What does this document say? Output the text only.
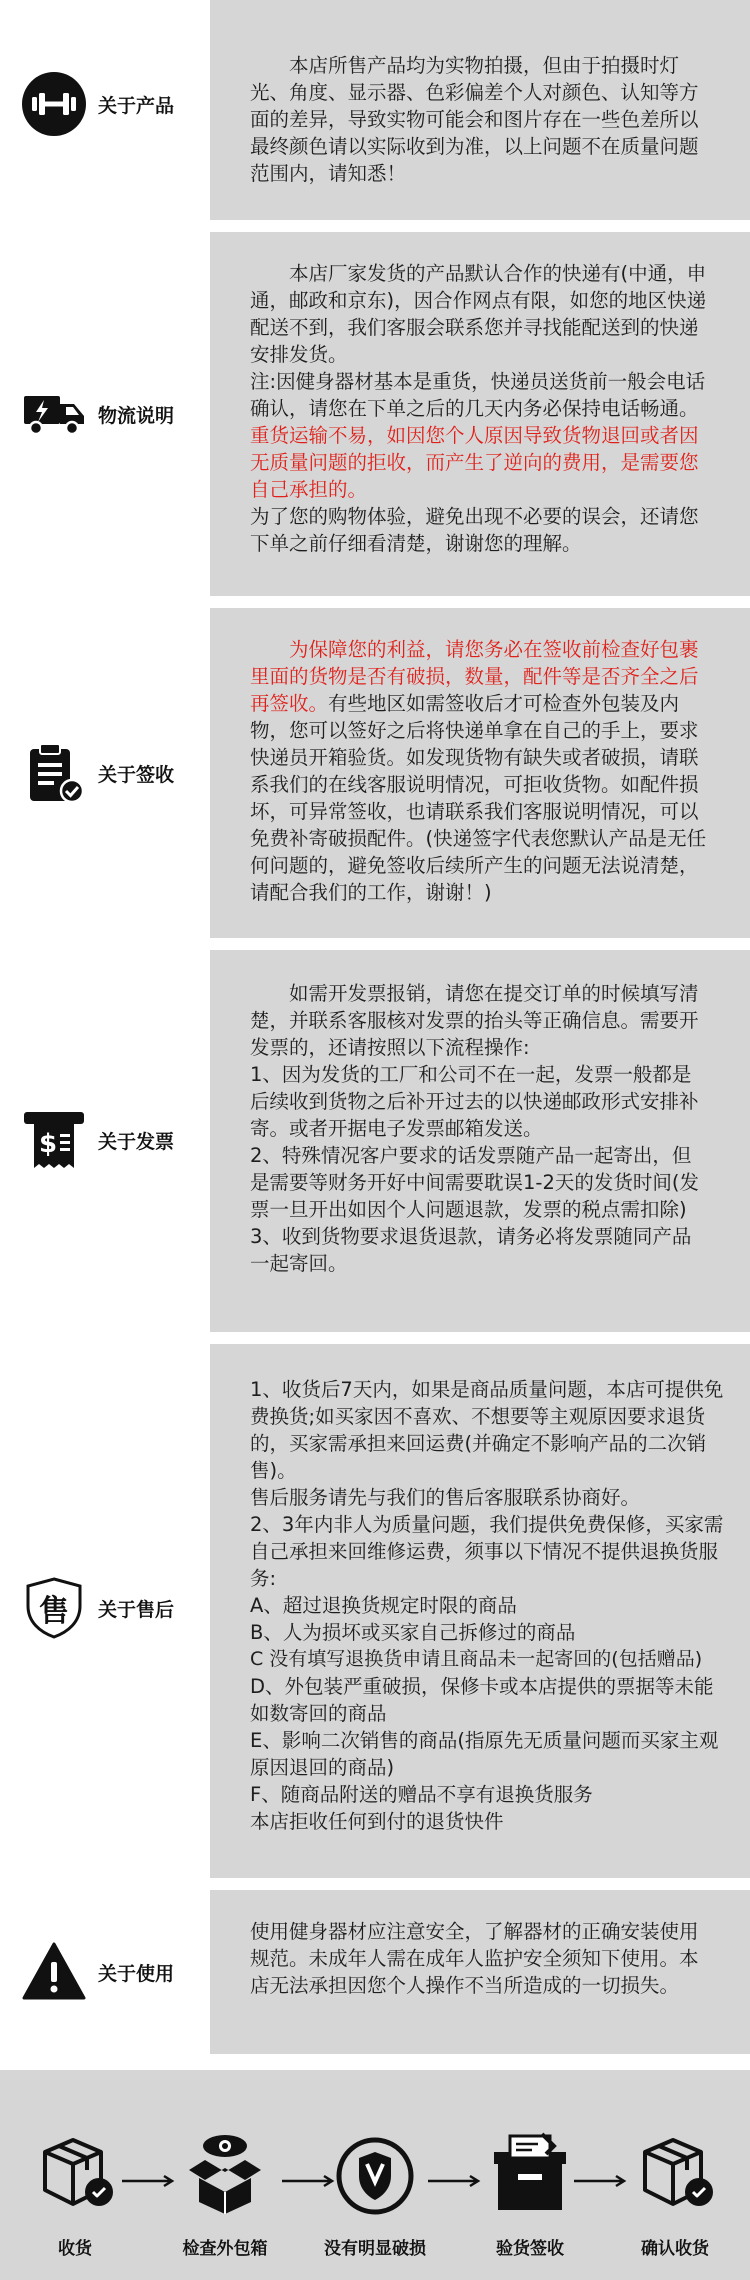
关于产品

本店所售产品均为实物拍摄，但由于拍摄时灯光、角度、显示器、色彩偏差个人对颜色、认知等方面的差异，导致实物可能会和图片存在一些色差所以最终颜色请以实际收到为准，以上问题不在质量问题范围内，请知悉！

物流说明

本店厂家发货的产品默认合作的快递有(中通，申通，邮政和京东)，因合作网点有限，如您的地区快递配送不到，我们客服会联系您并寻找能配送到的快递安排发货。

注:因健身器材基本是重货，快递员送货前一般会电话确认，请您在下单之后的几天内务必保持电话畅通。重货运输不易，如因您个人原因导致货物退回或者因无质量问题的拒收，而产生了逆向的费用，是需要您自己承担的。

为了您的购物体验，避免出现不必要的误会，还请您下单之前仔细看清楚，谢谢您的理解。

关于签收

为保障您的利益，请您务必在签收前检查好包裹里面的货物是否有破损，数量，配件等是否齐全之后再签收。有些地区如需签收后才可检查外包装及内物，您可以签好之后将快递单拿在自己的手上，要求快递员开箱验货。如发现货物有缺失或者破损，请联系我们的在线客服说明情况，可拒收货物。如配件损坏，可异常签收，也请联系我们客服说明情况，可以免费补寄破损配件。(快递签字代表您默认产品是无任何问题的，避免签收后续所产生的问题无法说清楚，请配合我们的工作，谢谢！)

$ 关于发票

如需开发票报销，请您在提交订单的时候填写清楚，并联系客服核对发票的抬头等正确信息。需要开发票的，还请按照以下流程操作:

1、因为发货的工厂和公司不在一起，发票一般都是后续收到货物之后补开过去的以快递邮政形式安排补寄。或者开据电子发票邮箱发送。

2、特殊情况客户要求的话发票随产品一起寄出，但是需要等财务开好中间需要耽误1-2天的发货时间(发票一旦开出如因个人问题退款，发票的税点需扣除)

3、收到货物要求退货退款，请务必将发票随同产品一起寄回。

售 关于售后

1、收货后7天内，如果是商品质量问题，本店可提供免费换货;如买家因不喜欢、不想要等主观原因要求退货的，买家需承担来回运费(并确定不影响产品的二次销售)。

售后服务请先与我们的售后客服联系协商好。

2、3年内非人为质量问题，我们提供免费保修，买家需自己承担来回维修运费，须事以下情况不提供退换货服务:

A、超过退换货规定时限的商品

B、人为损坏或买家自己拆修过的商品

C 没有填写退换货申请且商品未一起寄回的(包括赠品)

D、外包装严重破损，保修卡或本店提供的票据等未能如数寄回的商品

E、影响二次销售的商品(指原先无质量问题而买家主观原因退回的商品)

F、随商品附送的赠品不享有退换货服务

本店拒收任何到付的退货快件

关于使用

使用健身器材应注意安全，了解器材的正确安装使用规范。未成年人需在成年人监护安全须知下使用。本店无法承担因您个人操作不当所造成的一切损失。

收货	检查外包箱	没有明显破损	验货签收	确认收货
